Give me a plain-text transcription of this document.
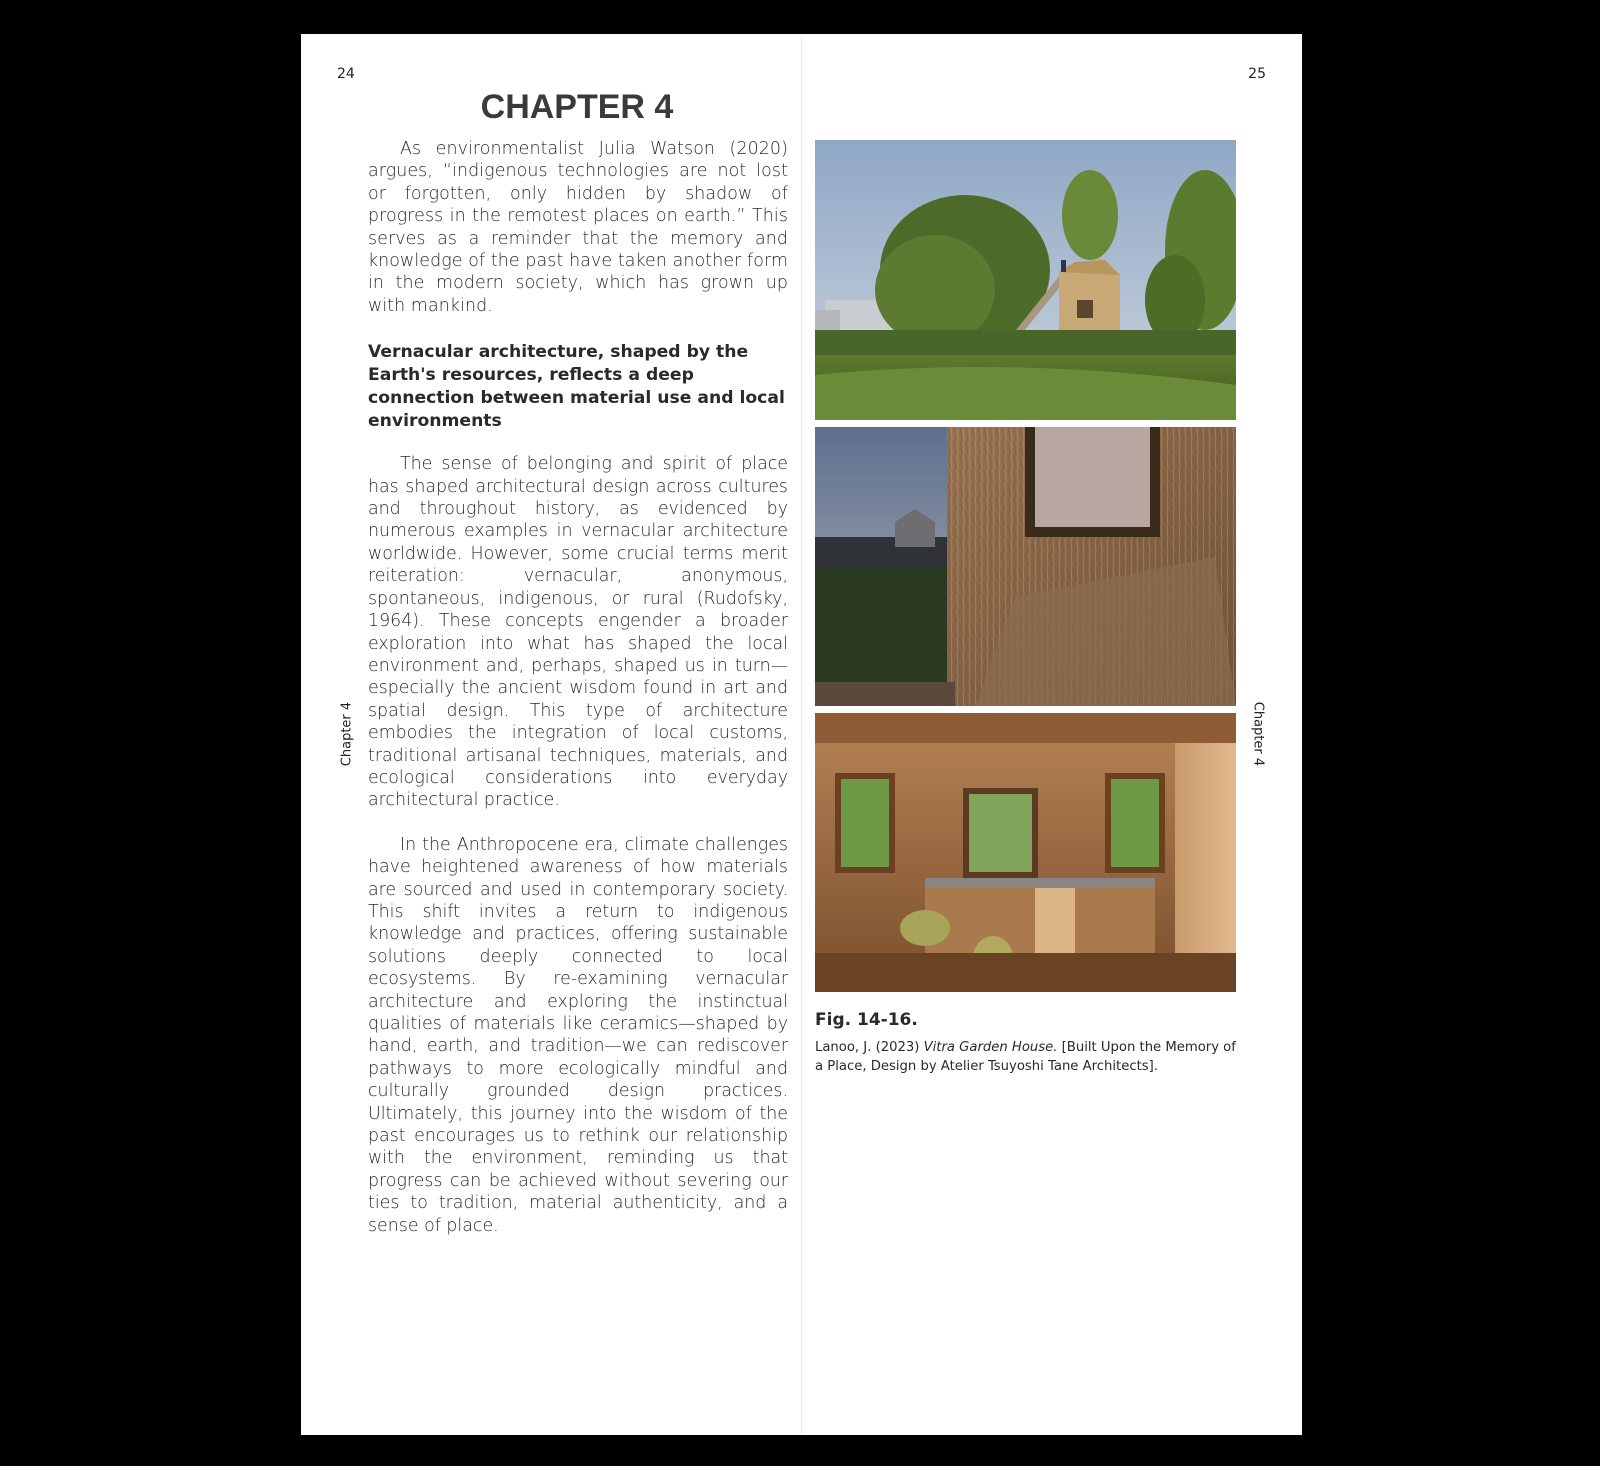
24
Chapter 4
CHAPTER 4

As environmentalist Julia Watson (2020) argues, “indigenous technologies are not lost or forgotten, only hidden by shadow of progress in the remotest places on earth.” This serves as a reminder that the memory and knowledge of the past have taken another form in the modern society, which has grown up with mankind.

Vernacular architecture, shaped by the Earth's resources, reflects a deep connection between material use and local environments

The sense of belonging and spirit of place has shaped architectural design across cultures and throughout history, as evidenced by numerous examples in vernacular architecture worldwide. However, some crucial terms merit reiteration: vernacular, anonymous, spontaneous, indigenous, or rural (Rudofsky, 1964). These concepts engender a broader exploration into what has shaped the local environment and, perhaps, shaped us in turn—especially the ancient wisdom found in art and spatial design. This type of architecture embodies the integration of local customs, traditional artisanal techniques, materials, and ecological considerations into everyday architectural practice.

In the Anthropocene era, climate challenges have heightened awareness of how materials are sourced and used in contemporary society. This shift invites a return to indigenous knowledge and practices, offering sustainable solutions deeply connected to local ecosystems. By re-examining vernacular architecture and exploring the instinctual qualities of materials like ceramics—shaped by hand, earth, and tradition—we can rediscover pathways to more ecologically mindful and culturally grounded design practices. Ultimately, this journey into the wisdom of the past encourages us to rethink our relationship with the environment, reminding us that progress can be achieved without severing our ties to tradition, material authenticity, and a sense of place.

25
Chapter 4
Fig. 14-16.
Lanoo, J. (2023) Vitra Garden House. [Built Upon the Memory of a Place, Design by Atelier Tsuyoshi Tane Architects].
